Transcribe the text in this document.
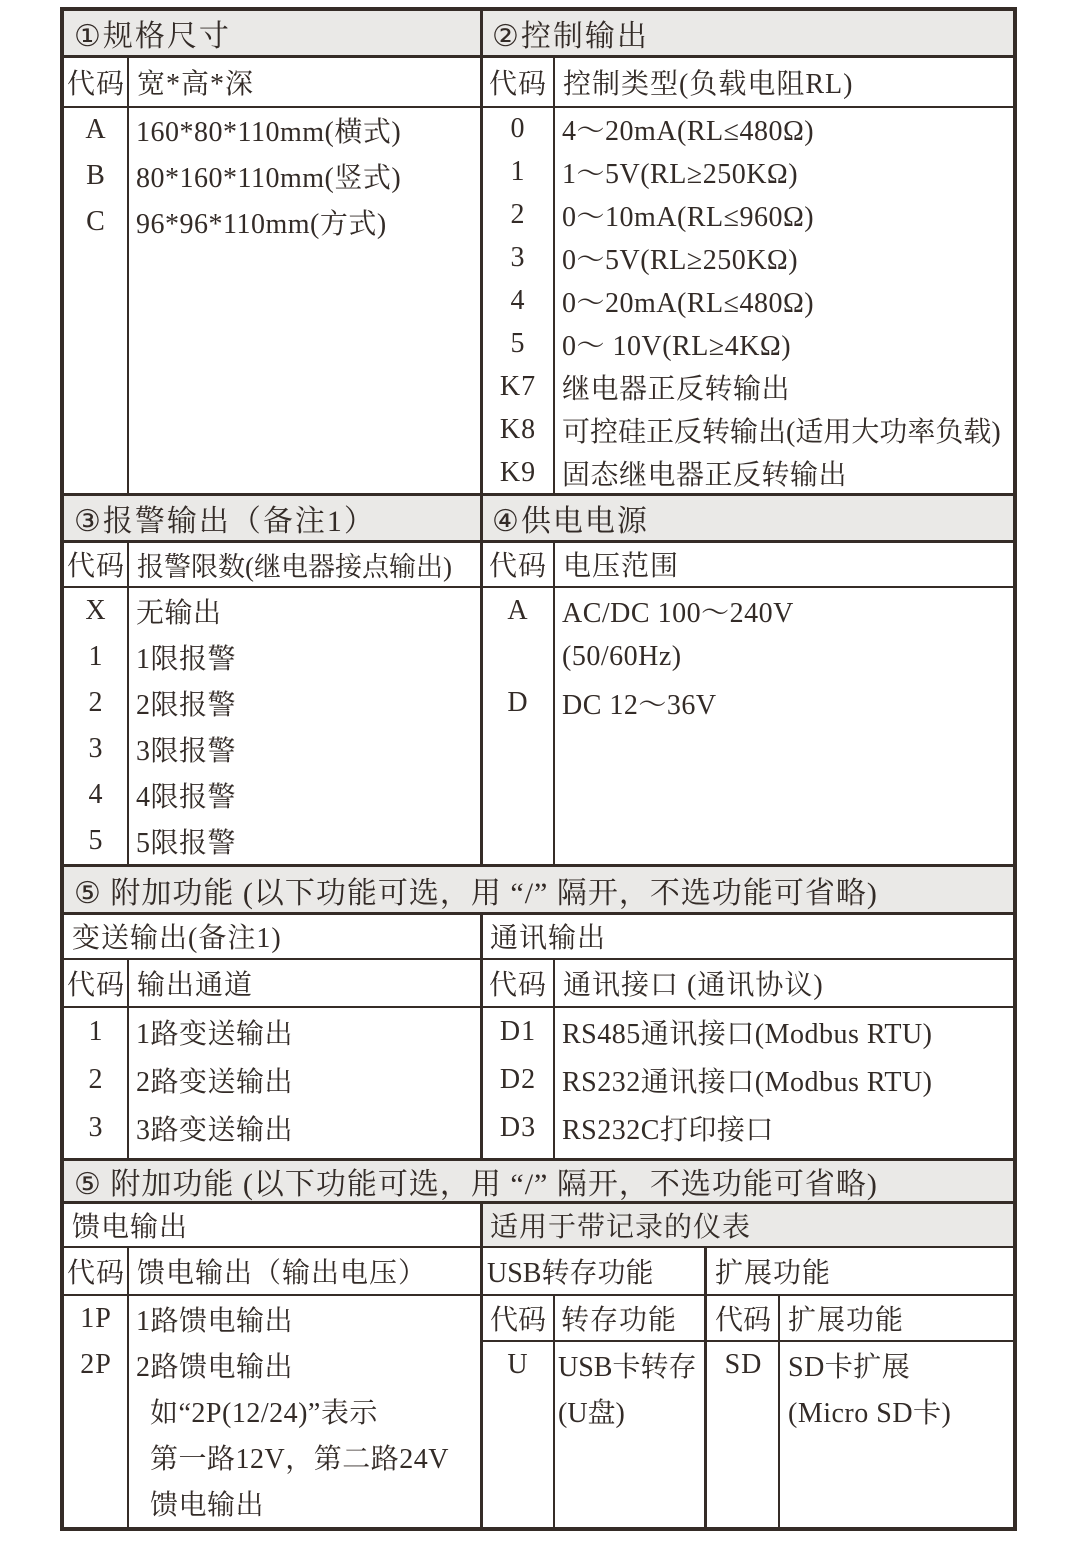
①规格尺寸	②控制输出
代码 宽*高*深	代码 控制类型(负载电阻RL)
A	160*80*110mm(横式)
B	80*160*110mm(竖式)
C	96*96*110mm(方式)
0	4～20mA(RL≤480Ω)
1	1～5V(RL≥250KΩ)
2	0～10mA(RL≤960Ω)
3	0～5V(RL≥250KΩ)
4	0～20mA(RL≤480Ω)
5	0～ 10V(RL≥4KΩ)
K7 继电器正反转输出
K8 可控硅正反转输出(适用大功率负载)
K9 固态继电器正反转输出
③报警输出（备注1）	④供电电源
代码 报警限数(继电器接点输出)	代码 电压范围
X	无输出
1	1限报警
2	2限报警
3	3限报警
4	4限报警
5	5限报警
A	AC/DC 100～240V
(50/60Hz)
D	DC 12～36V
⑤ 附加功能 (以下功能可选，用 “/” 隔开，不选功能可省略)
变送输出(备注1)	通讯输出
代码 输出通道	代码 通讯接口 (通讯协议)
1	1路变送输出
2	2路变送输出
3	3路变送输出
D1 RS485通讯接口(Modbus RTU)
D2 RS232通讯接口(Modbus RTU)
D3 RS232C打印接口
⑤ 附加功能 (以下功能可选，用 “/” 隔开，不选功能可省略)
馈电输出	适用于带记录的仪表
代码 馈电输出（输出电压）	USB转存功能	扩展功能
代码 转存功能	代码 扩展功能
1P 1路馈电输出
2P 2路馈电输出
如“2P(12/24)”表示
第一路12V，第二路24V
馈电输出
U	USB卡转存
(U盘)
SD SD卡扩展
(Micro SD卡)
